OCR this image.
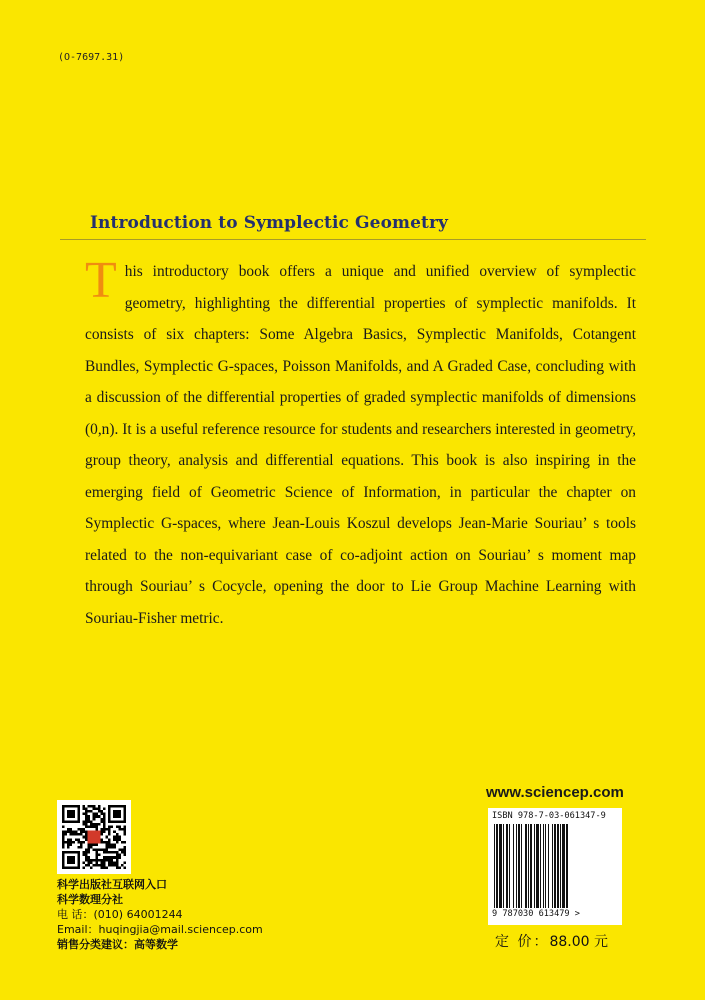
(O-7697.31)
Introduction to Symplectic Geometry
This introductory book offers a unique and unified overview of symplectic geometry, highlighting the differential properties of symplectic manifolds. It consists of six chapters: Some Algebra Basics, Symplectic Manifolds, Cotangent Bundles, Symplectic G-spaces, Poisson Manifolds, and A Graded Case, concluding with a discussion of the differential properties of graded symplectic manifolds of dimensions (0,n). It is a useful reference resource for students and researchers interested in geometry, group theory, analysis and differential equations. This book is also inspiring in the emerging field of Geometric Science of Information, in particular the chapter on Symplectic G-spaces, where Jean-Louis Koszul develops Jean-Marie Souriau’ s tools related to the non-equivariant case of co-adjoint action on Souriau’ s moment map through Souriau’ s Cocycle, opening the door to Lie Group Machine Learning with Souriau-Fisher metric.
科学出版社互联网入口
科学数理分社
电 话：(010) 64001244
Email：huqingjia@mail.sciencep.com
销售分类建议：高等数学
www.sciencep.com
ISBN 978-7-03-061347-9
9 787030 613479 >
定 价：88.00 元
